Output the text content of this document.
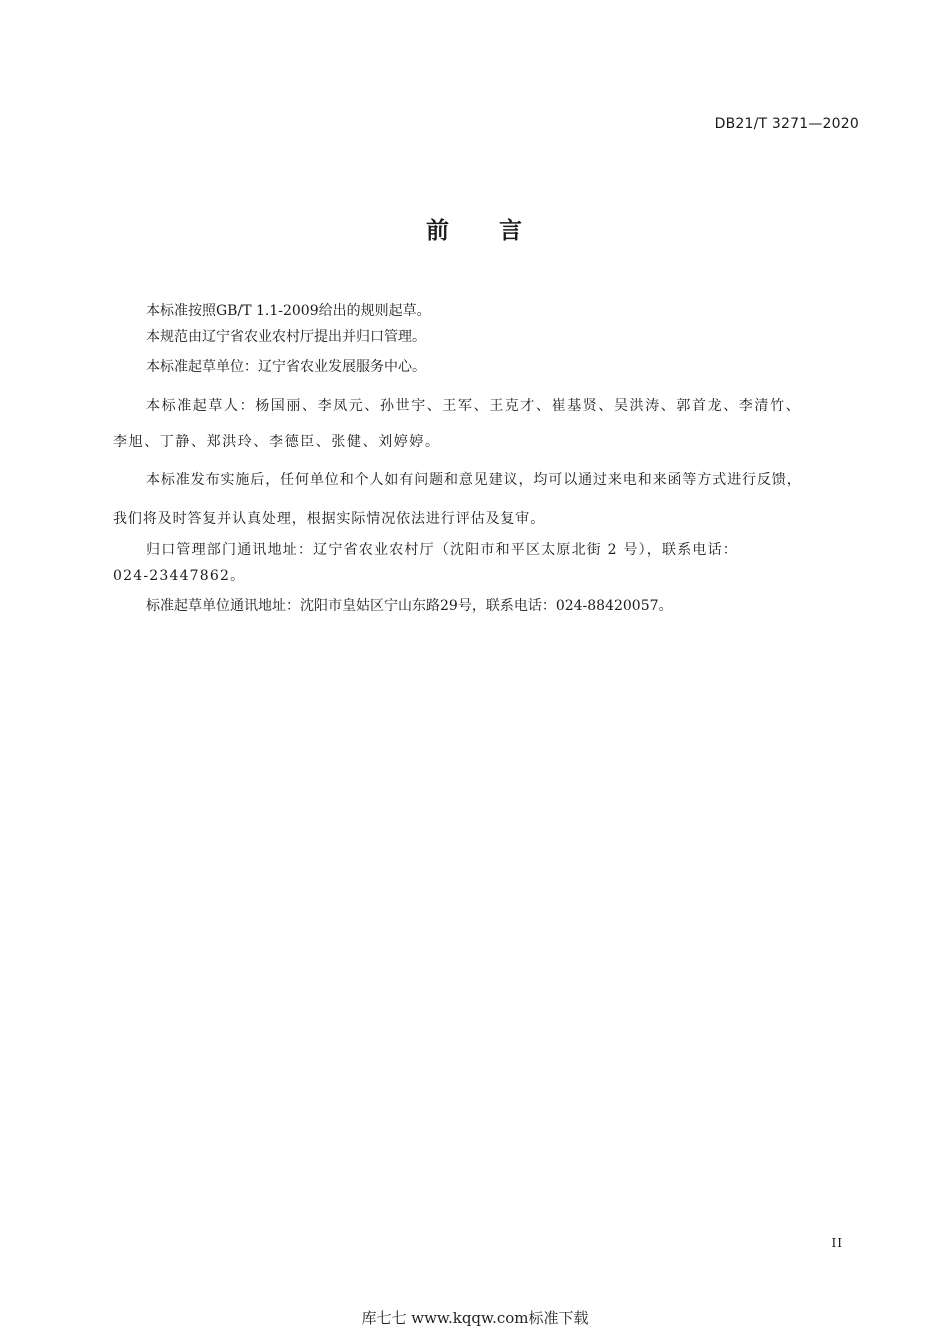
DB21/T 3271—2020
前 言
本标准按照GB/T 1.1-2009给出的规则起草。
本规范由辽宁省农业农村厅提出并归口管理。
本标准起草单位：辽宁省农业发展服务中心。
本标准起草人：杨国丽、李凤元、孙世宇、王军、王克才、崔基贤、吴洪涛、郭首龙、李清竹、
李旭、丁静、郑洪玲、李德臣、张健、刘婷婷。
本标准发布实施后，任何单位和个人如有问题和意见建议，均可以通过来电和来函等方式进行反馈，
我们将及时答复并认真处理，根据实际情况依法进行评估及复审。
归口管理部门通讯地址：辽宁省农业农村厅（沈阳市和平区太原北街 2 号），联系电话：
024-23447862。
标准起草单位通讯地址：沈阳市皇姑区宁山东路29号，联系电话：024-88420057。
II
库七七 www.kqqw.com标准下载
